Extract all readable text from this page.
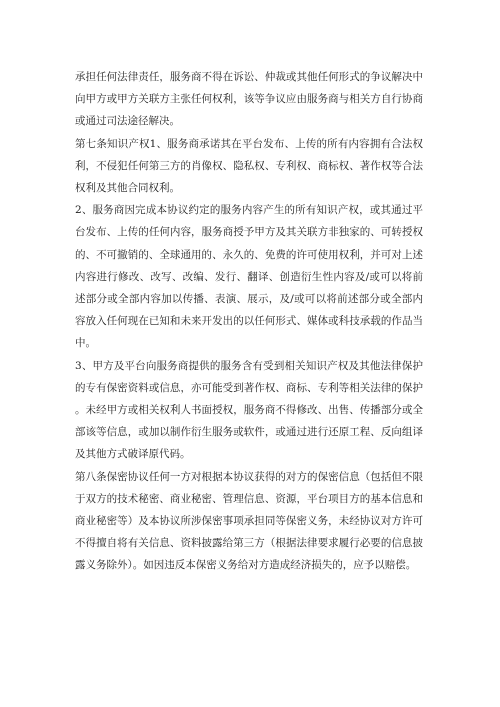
承担任何法律责任，服务商不得在诉讼、仲裁或其他任何形式的争议解决中向甲方或甲方关联方主张任何权利，该等争议应由服务商与相关方自行协商或通过司法途径解决。

第七条知识产权1、服务商承诺其在平台发布、上传的所有内容拥有合法权利，不侵犯任何第三方的肖像权、隐私权、专利权、商标权、著作权等合法权利及其他合同权利。

2、服务商因完成本协议约定的服务内容产生的所有知识产权，或其通过平台发布、上传的任何内容，服务商授予甲方及其关联方非独家的、可转授权的、不可撤销的、全球通用的、永久的、免费的许可使用权利，并可对上述内容进行修改、改写、改编、发行、翻译、创造衍生性内容及/或可以将前述部分或全部内容加以传播、表演、展示，及/或可以将前述部分或全部内容放入任何现在已知和未来开发出的以任何形式、媒体或科技承载的作品当中。

3、甲方及平台向服务商提供的服务含有受到相关知识产权及其他法律保护的专有保密资料或信息，亦可能受到著作权、商标、专利等相关法律的保护。未经甲方或相关权利人书面授权，服务商不得修改、出售、传播部分或全部该等信息，或加以制作衍生服务或软件，或通过进行还原工程、反向组译及其他方式破译原代码。

第八条保密协议任何一方对根据本协议获得的对方的保密信息（包括但不限于双方的技术秘密、商业秘密、管理信息、资源，平台项目方的基本信息和商业秘密等）及本协议所涉保密事项承担同等保密义务，未经协议对方许可不得擅自将有关信息、资料披露给第三方（根据法律要求履行必要的信息披露义务除外）。如因违反本保密义务给对方造成经济损失的，应予以赔偿。
